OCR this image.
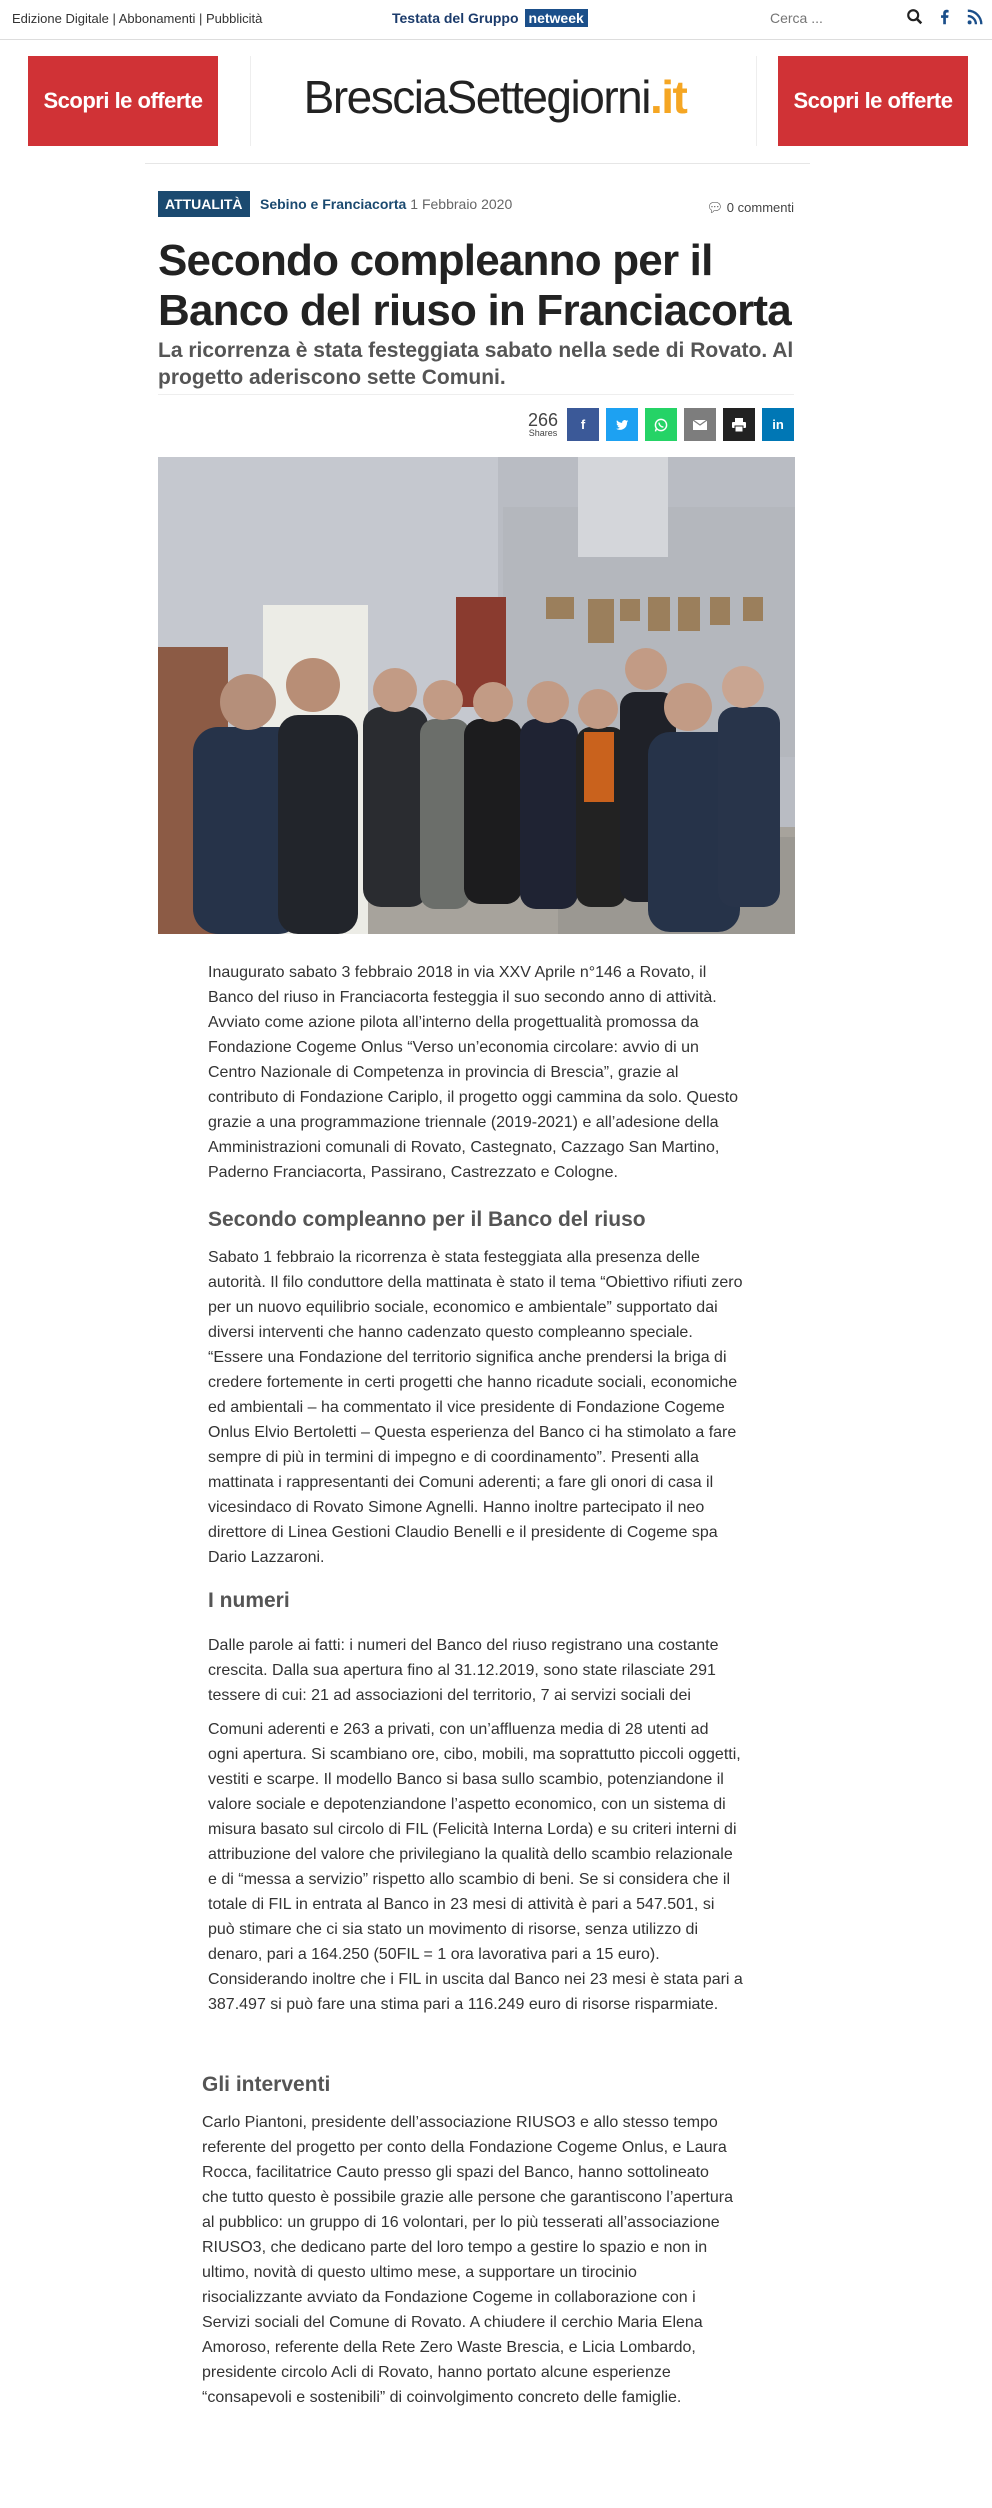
Edizione Digitale | Abbonamenti | Pubblicità	Testata del Gruppo netweek
Cerca ...
Scopri le offerte	BresciaSettegiorni.it	Scopri le offerte
ATTUALITÀ	Sebino e Franciacorta 1 Febbraio 2020	💬︎ 0 commenti
Secondo compleanno per il Banco del riuso in Franciacorta
La ricorrenza è stata festeggiata sabato nella sede di Rovato. Al progetto aderiscono sette Comuni.
266
Shares
f	in
Inaugurato sabato 3 febbraio 2018 in via XXV Aprile n°146 a Rovato, il Banco del riuso in Franciacorta festeggia il suo secondo anno di attività. Avviato come azione pilota all’interno della progettualità promossa da Fondazione Cogeme Onlus “Verso un’economia circolare: avvio di un Centro Nazionale di Competenza in provincia di Brescia”, grazie al contributo di Fondazione Cariplo, il progetto oggi cammina da solo. Questo grazie a una programmazione triennale (2019-2021) e all’adesione della Amministrazioni comunali di Rovato, Castegnato, Cazzago San Martino, Paderno Franciacorta, Passirano, Castrezzato e Cologne.
Secondo compleanno per il Banco del riuso
Sabato 1 febbraio la ricorrenza è stata festeggiata alla presenza delle autorità. Il filo conduttore della mattinata è stato il tema “Obiettivo rifiuti zero per un nuovo equilibrio sociale, economico e ambientale” supportato dai diversi interventi che hanno cadenzato questo compleanno speciale. “Essere una Fondazione del territorio significa anche prendersi la briga di credere fortemente in certi progetti che hanno ricadute sociali, economiche ed ambientali – ha commentato il vice presidente di Fondazione Cogeme Onlus Elvio Bertoletti – Questa esperienza del Banco ci ha stimolato a fare sempre di più in termini di impegno e di coordinamento”. Presenti alla mattinata i rappresentanti dei Comuni aderenti; a fare gli onori di casa il vicesindaco di Rovato Simone Agnelli. Hanno inoltre partecipato il neo direttore di Linea Gestioni Claudio Benelli e il presidente di Cogeme spa Dario Lazzaroni.
I numeri
Dalle parole ai fatti: i numeri del Banco del riuso registrano una costante crescita. Dalla sua apertura fino al 31.12.2019, sono state rilasciate 291 tessere di cui: 21 ad associazioni del territorio, 7 ai servizi sociali dei
Comuni aderenti e 263 a privati, con un’affluenza media di 28 utenti ad ogni apertura. Si scambiano ore, cibo, mobili, ma soprattutto piccoli oggetti, vestiti e scarpe. Il modello Banco si basa sullo scambio, potenziandone il valore sociale e depotenziandone l’aspetto economico, con un sistema di misura basato sul circolo di FIL (Felicità Interna Lorda) e su criteri interni di attribuzione del valore che privilegiano la qualità dello scambio relazionale e di “messa a servizio” rispetto allo scambio di beni. Se si considera che il totale di FIL in entrata al Banco in 23 mesi di attività è pari a 547.501, si può stimare che ci sia stato un movimento di risorse, senza utilizzo di denaro, pari a 164.250 (50FIL = 1 ora lavorativa pari a 15 euro). Considerando inoltre che i FIL in uscita dal Banco nei 23 mesi è stata pari a 387.497 si può fare una stima pari a 116.249 euro di risorse risparmiate.
Gli interventi
Carlo Piantoni, presidente dell’associazione RIUSO3 e allo stesso tempo referente del progetto per conto della Fondazione Cogeme Onlus, e Laura Rocca, facilitatrice Cauto presso gli spazi del Banco, hanno sottolineato che tutto questo è possibile grazie alle persone che garantiscono l’apertura al pubblico: un gruppo di 16 volontari, per lo più tesserati all’associazione RIUSO3, che dedicano parte del loro tempo a gestire lo spazio e non in ultimo, novità di questo ultimo mese, a supportare un tirocinio risocializzante avviato da Fondazione Cogeme in collaborazione con i Servizi sociali del Comune di Rovato. A chiudere il cerchio Maria Elena Amoroso, referente della Rete Zero Waste Brescia, e Licia Lombardo, presidente circolo Acli di Rovato, hanno portato alcune esperienze “consapevoli e sostenibili” di coinvolgimento concreto delle famiglie.
